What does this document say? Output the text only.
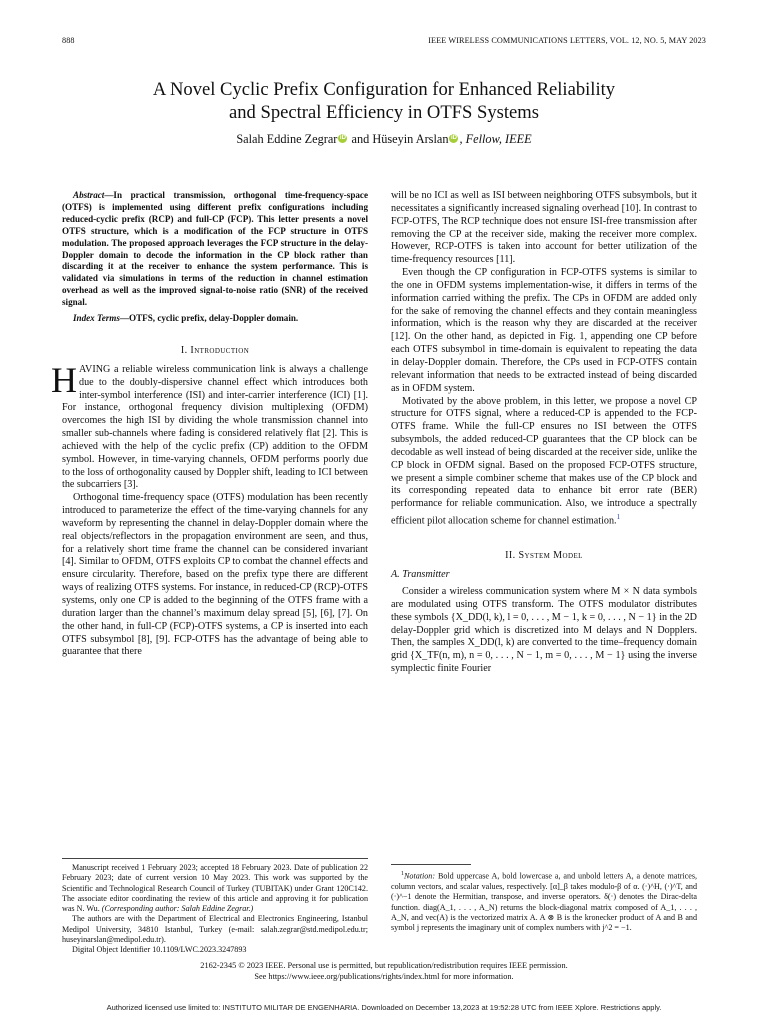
888	IEEE WIRELESS COMMUNICATIONS LETTERS, VOL. 12, NO. 5, MAY 2023
A Novel Cyclic Prefix Configuration for Enhanced Reliability
and Spectral Efficiency in OTFS Systems
Salah Eddine Zegrar iD and Hüseyin Arslan iD , Fellow, IEEE
Abstract—In practical transmission, orthogonal time-frequency-space (OTFS) is implemented using different prefix configurations including reduced-cyclic prefix (RCP) and full-CP (FCP). This letter presents a novel OTFS structure, which is a modification of the FCP structure in OTFS modulation. The proposed approach leverages the FCP structure in the delay-Doppler domain to decode the information in the CP block rather than discarding it at the receiver to enhance the system performance. This is validated via simulations in terms of the reduction in channel estimation overhead as well as the improved signal-to-noise ratio (SNR) of the received signal.
Index Terms—OTFS, cyclic prefix, delay-Doppler domain.
I. Introduction

HAVING a reliable wireless communication link is always a challenge due to the doubly-dispersive channel effect which introduces both inter-symbol interference (ISI) and inter-carrier interference (ICI) [1]. For instance, orthogonal frequency division multiplexing (OFDM) overcomes the high ISI by dividing the whole transmission channel into smaller sub-channels where fading is considered relatively flat [2]. This is achieved with the help of the cyclic prefix (CP) addition to the OFDM symbol. However, in time-varying channels, OFDM performs poorly due to the loss of orthogonality caused by Doppler shift, leading to ICI between the subcarriers [3].

Orthogonal time-frequency space (OTFS) modulation has been recently introduced to parameterize the effect of the time-varying channels for any waveform by representing the channel in delay-Doppler domain where the real objects/reflectors in the propagation environment are seen, and thus, for a relatively short time frame the channel can be considered invariant [4]. Similar to OFDM, OTFS exploits CP to combat the channel effects and ensure circularity. Therefore, based on the prefix type there are different ways of realizing OTFS systems. For instance, in reduced-CP (RCP)-OTFS systems, only one CP is added to the beginning of the OTFS frame with a duration larger than the channel’s maximum delay spread [5], [6], [7]. On the other hand, in full-CP (FCP)-OTFS systems, a CP is inserted into each OTFS subsymbol [8], [9]. FCP-OTFS has the advantage of being able to guarantee that there

will be no ICI as well as ISI between neighboring OTFS subsymbols, but it necessitates a significantly increased signaling overhead [10]. In contrast to FCP-OTFS, The RCP technique does not ensure ISI-free transmission after removing the CP at the receiver side, making the receiver more complex. However, RCP-OTFS is taken into account for better utilization of the time-frequency resources [11].

Even though the CP configuration in FCP-OTFS systems is similar to the one in OFDM systems implementation-wise, it differs in terms of the information carried withing the prefix. The CPs in OFDM are added only for the sake of removing the channel effects and they contain meaningless information, which is the reason why they are discarded at the receiver [12]. On the other hand, as depicted in Fig. 1, appending one CP before each OTFS subsymbol in time-domain is equivalent to repeating the data in delay-Doppler domain. Therefore, the CPs used in FCP-OTFS contain relevant information that needs to be extracted instead of being discarded as in OFDM system.

Motivated by the above problem, in this letter, we propose a novel CP structure for OTFS signal, where a reduced-CP is appended to the FCP-OTFS frame. While the full-CP ensures no ISI between the OTFS subsymbols, the added reduced-CP guarantees that the CP block can be decodable as well instead of being discarded at the receiver side, unlike the CP block in OFDM signal. Based on the proposed FCP-OTFS structure, we present a simple combiner scheme that makes use of the CP block and its corresponding repeated data to enhance bit error rate (BER) performance for reliable communication. Also, we introduce a spectrally efficient pilot allocation scheme for channel estimation.$^1$

II. System Model
A. Transmitter

Consider a wireless communication system where M × N data symbols are modulated using OTFS transform. The OTFS modulator distributes these symbols {X_DD(l, k), l = 0, . . . , M − 1, k = 0, . . . , N − 1} in the 2D delay-Doppler grid which is discretized into M delays and N Dopplers. Then, the samples X_DD(l, k) are converted to the time–frequency domain grid {X_TF(n, m), n = 0, . . . , N − 1, m = 0, . . . , M − 1} using the inverse symplectic finite Fourier

Manuscript received 1 February 2023; accepted 18 February 2023. Date of publication 22 February 2023; date of current version 10 May 2023. This work was supported by the Scientific and Technological Research Council of Turkey (TUBITAK) under Grant 120C142. The associate editor coordinating the review of this article and approving it for publication was N. Wu. (Corresponding author: Salah Eddine Zegrar.)

The authors are with the Department of Electrical and Electronics Engineering, Istanbul Medipol University, 34810 Istanbul, Turkey (e-mail: salah.zegrar@std.medipol.edu.tr; huseyinarslan@medipol.edu.tr).

Digital Object Identifier 10.1109/LWC.2023.3247893

$^1$Notation: Bold uppercase A, bold lowercase a, and unbold letters A, a denote matrices, column vectors, and scalar values, respectively. [α]_β takes modulo-β of α. (·)^H, (·)^T, and (·)^−1 denote the Hermitian, transpose, and inverse operators. δ(·) denotes the Dirac-delta function. diag(A_1, . . . , A_N) returns the block-diagonal matrix composed of A_1, . . . , A_N, and vec(A) is the vectorized matrix A. A ⊗ B is the kronecker product of A and B and symbol j represents the imaginary unit of complex numbers with j^2 = −1.

2162-2345 © 2023 IEEE. Personal use is permitted, but republication/redistribution requires IEEE permission.
See https://www.ieee.org/publications/rights/index.html for more information.
Authorized licensed use limited to: INSTITUTO MILITAR DE ENGENHARIA. Downloaded on December 13,2023 at 19:52:28 UTC from IEEE Xplore. Restrictions apply.
